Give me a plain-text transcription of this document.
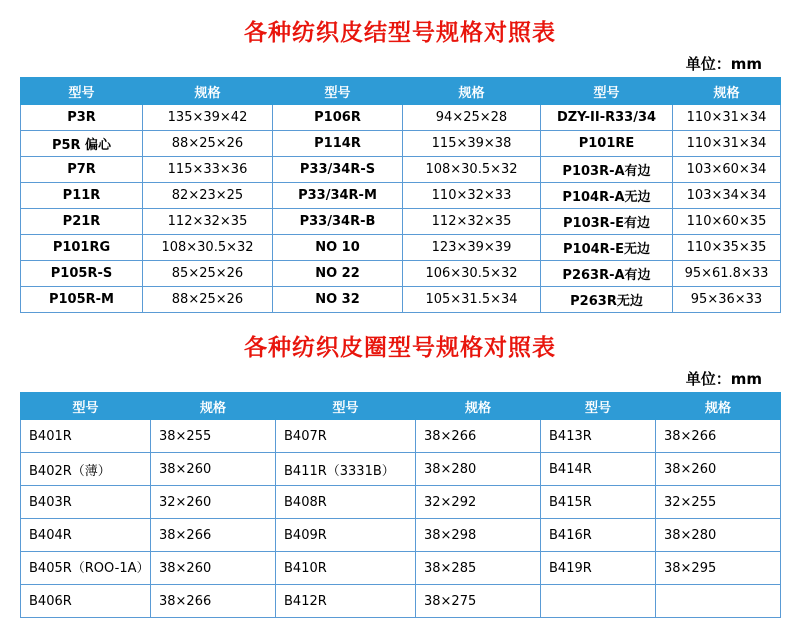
各种纺织皮结型号规格对照表
单位：mm
型号	规格	型号	规格	型号	规格
P3R	135×39×42	P106R	94×25×28	DZY-II-R33/34	110×31×34
P5R 偏心	88×25×26	P114R	115×39×38	P101RE	110×31×34
P7R	115×33×36	P33/34R-S	108×30.5×32	P103R-A有边	103×60×34
P11R	82×23×25	P33/34R-M	110×32×33	P104R-A无边	103×34×34
P21R	112×32×35	P33/34R-B	112×32×35	P103R-E有边	110×60×35
P101RG	108×30.5×32	NO 10	123×39×39	P104R-E无边	110×35×35
P105R-S	85×25×26	NO 22	106×30.5×32	P263R-A有边	95×61.8×33
P105R-M	88×25×26	NO 32	105×31.5×34	P263R无边	95×36×33
各种纺织皮圈型号规格对照表
单位：mm
型号	规格	型号	规格	型号	规格
B401R	38×255	B407R	38×266	B413R	38×266
B402R（薄）	38×260	B411R（3331B）	38×280	B414R	38×260
B403R	32×260	B408R	32×292	B415R	32×255
B404R	38×266	B409R	38×298	B416R	38×280
B405R（ROO-1A）	38×260	B410R	38×285	B419R	38×295
B406R	38×266	B412R	38×275		
